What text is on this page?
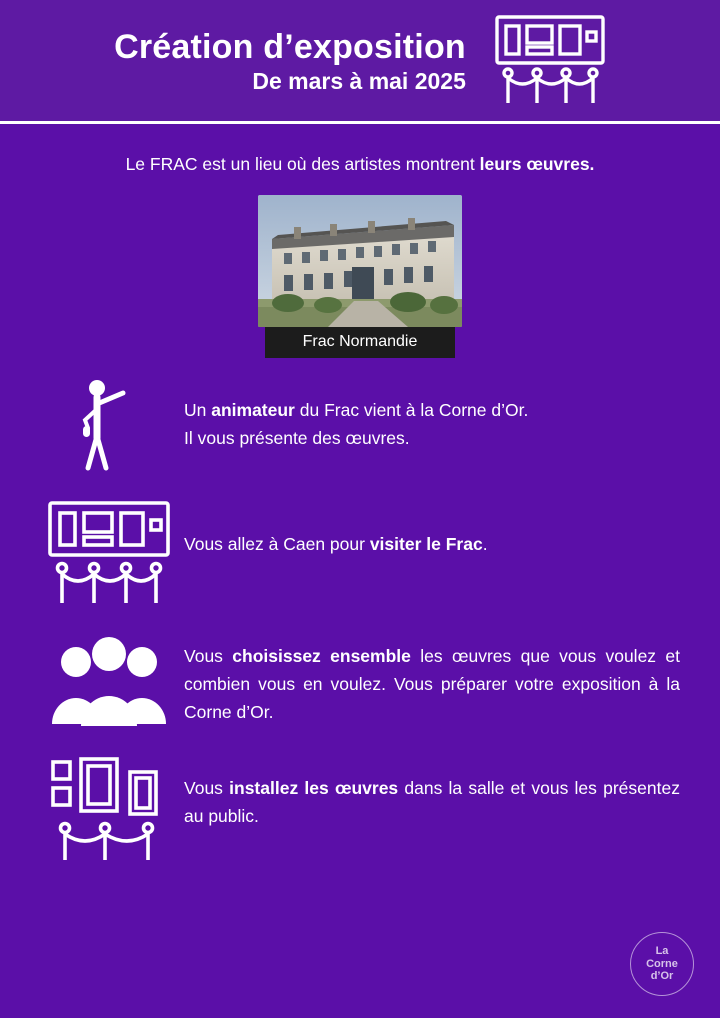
Création d’exposition
De mars à mai 2025
Le FRAC est un lieu où des artistes montrent leurs œuvres.
Frac Normandie
Un animateur du Frac vient à la Corne d’Or.
Il vous présente des œuvres.
Vous allez à Caen pour visiter le Frac.
Vous choisissez ensemble les œuvres que vous voulez et combien vous en voulez. Vous préparer votre exposition à la Corne d’Or.
Vous installez les œuvres dans la salle et vous les présentez au public.
La
Corne
d’Or
